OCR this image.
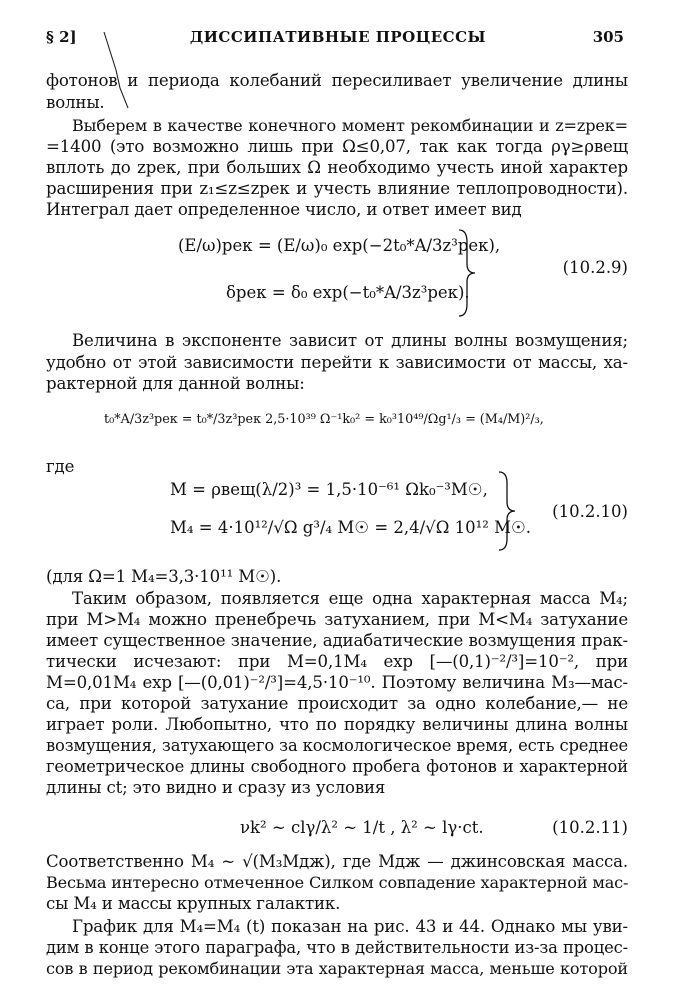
§ 2]	ДИССИПАТИВНЫЕ ПРОЦЕССЫ	305
фотонов и периода колебаний пересиливает увеличение длины
волны.
Выберем в качестве конечного момент рекомбинации и z=zрек=
=1400 (это возможно лишь при Ω≤0,07, так как тогда ργ≥ρвещ
вплоть до zрек, при больших Ω необходимо учесть иной характер
расширения при z₁≤z≤zрек и учесть влияние теплопроводности).
Интеграл дает определенное число, и ответ имеет вид
(E/ω)рек = (E/ω)₀ exp(−2t₀*A/3z³рек),
δрек = δ₀ exp(−t₀*A/3z³рек).
(10.2.9)
Величина в экспоненте зависит от длины волны возмущения;
удобно от этой зависимости перейти к зависимости от массы, ха-
рактерной для данной волны:
t₀*A/3z³рек = t₀*/3z³рек 2,5·10³⁹ Ω⁻¹k₀² = k₀³10⁴⁹/Ωg¹/₃ = (M₄/M)²/₃,
где
M = ρвещ(λ/2)³ = 1,5·10⁻⁶¹ Ωk₀⁻³M☉,
M₄ = 4·10¹²/√Ω g³/₄ M☉ = 2,4/√Ω 10¹² M☉.
(10.2.10)
(для Ω=1 M₄=3,3·10¹¹ M☉).
Таким образом, появляется еще одна характерная масса M₄;
при M>M₄ можно пренебречь затуханием, при M<M₄ затухание
имеет существенное значение, адиабатические возмущения прак-
тически исчезают: при M=0,1M₄ exp [—(0,1)⁻²/³]=10⁻², при
M=0,01M₄ exp [—(0,01)⁻²/³]=4,5·10⁻¹⁰. Поэтому величина M₃—мас-
са, при которой затухание происходит за одно колебание,— не
играет роли. Любопытно, что по порядку величины длина волны
возмущения, затухающего за космологическое время, есть среднее
геометрическое длины свободного пробега фотонов и характерной
длины ct; это видно и сразу из условия
νk² ~ clγ/λ² ~ 1/t , λ² ~ lγ·ct.	(10.2.11)
Соответственно M₄ ~ √(M₃Mдж), где Mдж — джинсовская масса.
Весьма интересно отмеченное Силком совпадение характерной мас-
сы M₄ и массы крупных галактик.
График для M₄=M₄ (t) показан на рис. 43 и 44. Однако мы уви-
дим в конце этого параграфа, что в действительности из-за процес-
сов в период рекомбинации эта характерная масса, меньше которой
